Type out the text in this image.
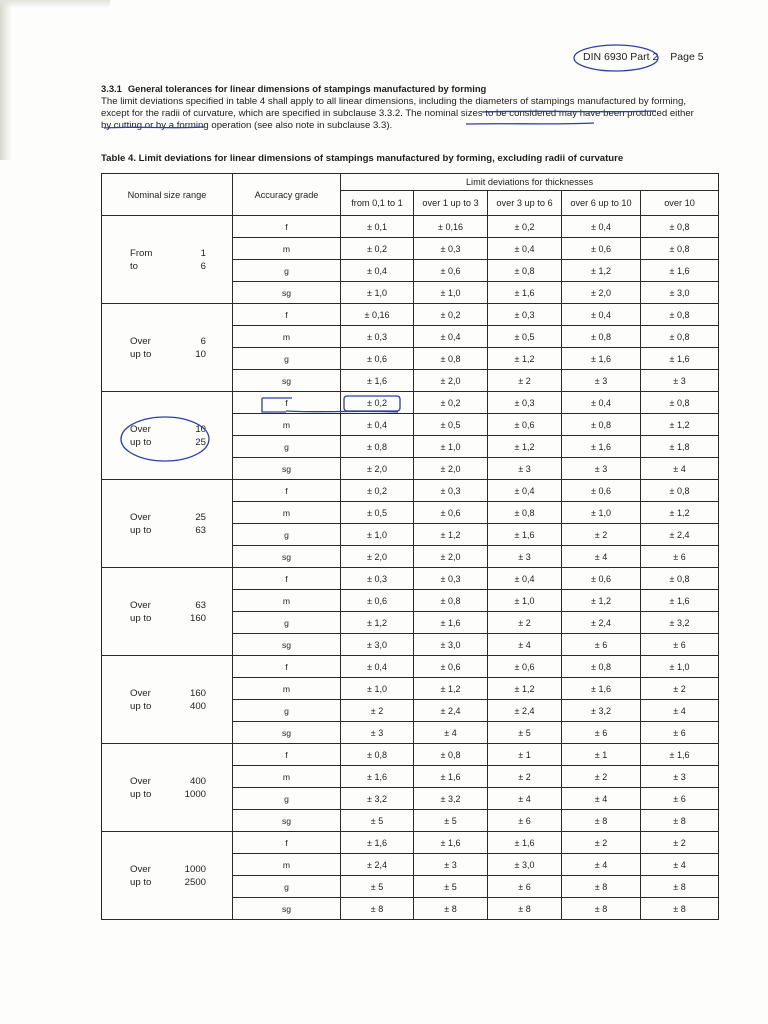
DIN 6930 Part 2 Page 5
3.3.1 General tolerances for linear dimensions of stampings manufactured by forming
The limit deviations specified in table 4 shall apply to all linear dimensions, including the diameters of stampings manufactured by forming, except for the radii of curvature, which are specified in subclause 3.3.2. The nominal sizes to be considered may have been produced either by cutting or by a forming operation (see also note in subclause 3.3).
Table 4. Limit deviations for linear dimensions of stampings manufactured by forming, excluding radii of curvature
Nominal size range	Accuracy grade	Limit deviations for thicknesses				
		from 0,1 to 1	over 1 up to 3	over 3 up to 6	over 6 up to 10	over 10

From 1
to 6	f	± 0,1	± 0,16	± 0,2	± 0,4	± 0,8
	m	± 0,2	± 0,3	± 0,4	± 0,6	± 0,8
	g	± 0,4	± 0,6	± 0,8	± 1,2	± 1,6
	sg	± 1,0	± 1,0	± 1,6	± 2,0	± 3,0

Over 6
up to 10	f	± 0,16	± 0,2	± 0,3	± 0,4	± 0,8
	m	± 0,3	± 0,4	± 0,5	± 0,8	± 0,8
	g	± 0,6	± 0,8	± 1,2	± 1,6	± 1,6
	sg	± 1,6	± 2,0	± 2	± 3	± 3

Over 10
up to 25	f	± 0,2	± 0,2	± 0,3	± 0,4	± 0,8
	m	± 0,4	± 0,5	± 0,6	± 0,8	± 1,2
	g	± 0,8	± 1,0	± 1,2	± 1,6	± 1,8
	sg	± 2,0	± 2,0	± 3	± 3	± 4

Over 25
up to 63	f	± 0,2	± 0,3	± 0,4	± 0,6	± 0,8
	m	± 0,5	± 0,6	± 0,8	± 1,0	± 1,2
	g	± 1,0	± 1,2	± 1,6	± 2	± 2,4
	sg	± 2,0	± 2,0	± 3	± 4	± 6

Over 63
up to 160	f	± 0,3	± 0,3	± 0,4	± 0,6	± 0,8
	m	± 0,6	± 0,8	± 1,0	± 1,2	± 1,6
	g	± 1,2	± 1,6	± 2	± 2,4	± 3,2
	sg	± 3,0	± 3,0	± 4	± 6	± 6

Over 160
up to 400	f	± 0,4	± 0,6	± 0,6	± 0,8	± 1,0
	m	± 1,0	± 1,2	± 1,2	± 1,6	± 2
	g	± 2	± 2,4	± 2,4	± 3,2	± 4
	sg	± 3	± 4	± 5	± 6	± 6

Over 400
up to 1000	f	± 0,8	± 0,8	± 1	± 1	± 1,6
	m	± 1,6	± 1,6	± 2	± 2	± 3
	g	± 3,2	± 3,2	± 4	± 4	± 6
	sg	± 5	± 5	± 6	± 8	± 8

Over 1000
up to 2500	f	± 1,6	± 1,6	± 1,6	± 2	± 2
	m	± 2,4	± 3	± 3,0	± 4	± 4
	g	± 5	± 5	± 6	± 8	± 8
	sg	± 8	± 8	± 8	± 8	± 8
